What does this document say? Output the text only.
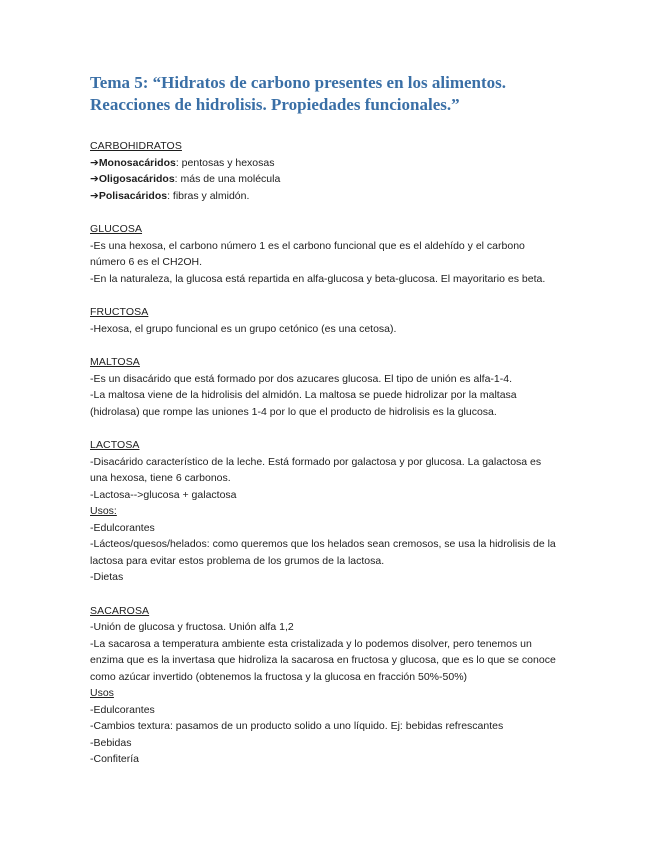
Tema 5: “Hidratos de carbono presentes en los alimentos.
Reacciones de hidrolisis. Propiedades funcionales.”

CARBOHIDRATOS

➔Monosacáridos: pentosas y hexosas

➔Oligosacáridos: más de una molécula

➔Polisacáridos: fibras y almidón.

GLUCOSA

-Es una hexosa, el carbono número 1 es el carbono funcional que es el aldehído y el carbono

número 6 es el CH2OH.

-En la naturaleza, la glucosa está repartida en alfa-glucosa y beta-glucosa. El mayoritario es beta.

FRUCTOSA

-Hexosa, el grupo funcional es un grupo cetónico (es una cetosa).

MALTOSA

-Es un disacárido que está formado por dos azucares glucosa. El tipo de unión es alfa-1-4.

-La maltosa viene de la hidrolisis del almidón. La maltosa se puede hidrolizar por la maltasa

(hidrolasa) que rompe las uniones 1-4 por lo que el producto de hidrolisis es la glucosa.

LACTOSA

-Disacárido característico de la leche. Está formado por galactosa y por glucosa. La galactosa es

una hexosa, tiene 6 carbonos.

-Lactosa-->glucosa + galactosa

Usos:

-Edulcorantes

-Lácteos/quesos/helados: como queremos que los helados sean cremosos, se usa la hidrolisis de la

lactosa para evitar estos problema de los grumos de la lactosa.

-Dietas

SACAROSA

-Unión de glucosa y fructosa. Unión alfa 1,2

-La sacarosa a temperatura ambiente esta cristalizada y lo podemos disolver, pero tenemos un

enzima que es la invertasa que hidroliza la sacarosa en fructosa y glucosa, que es lo que se conoce

como azúcar invertido (obtenemos la fructosa y la glucosa en fracción 50%-50%)

Usos

-Edulcorantes

-Cambios textura: pasamos de un producto solido a uno líquido. Ej: bebidas refrescantes

-Bebidas

-Confitería
